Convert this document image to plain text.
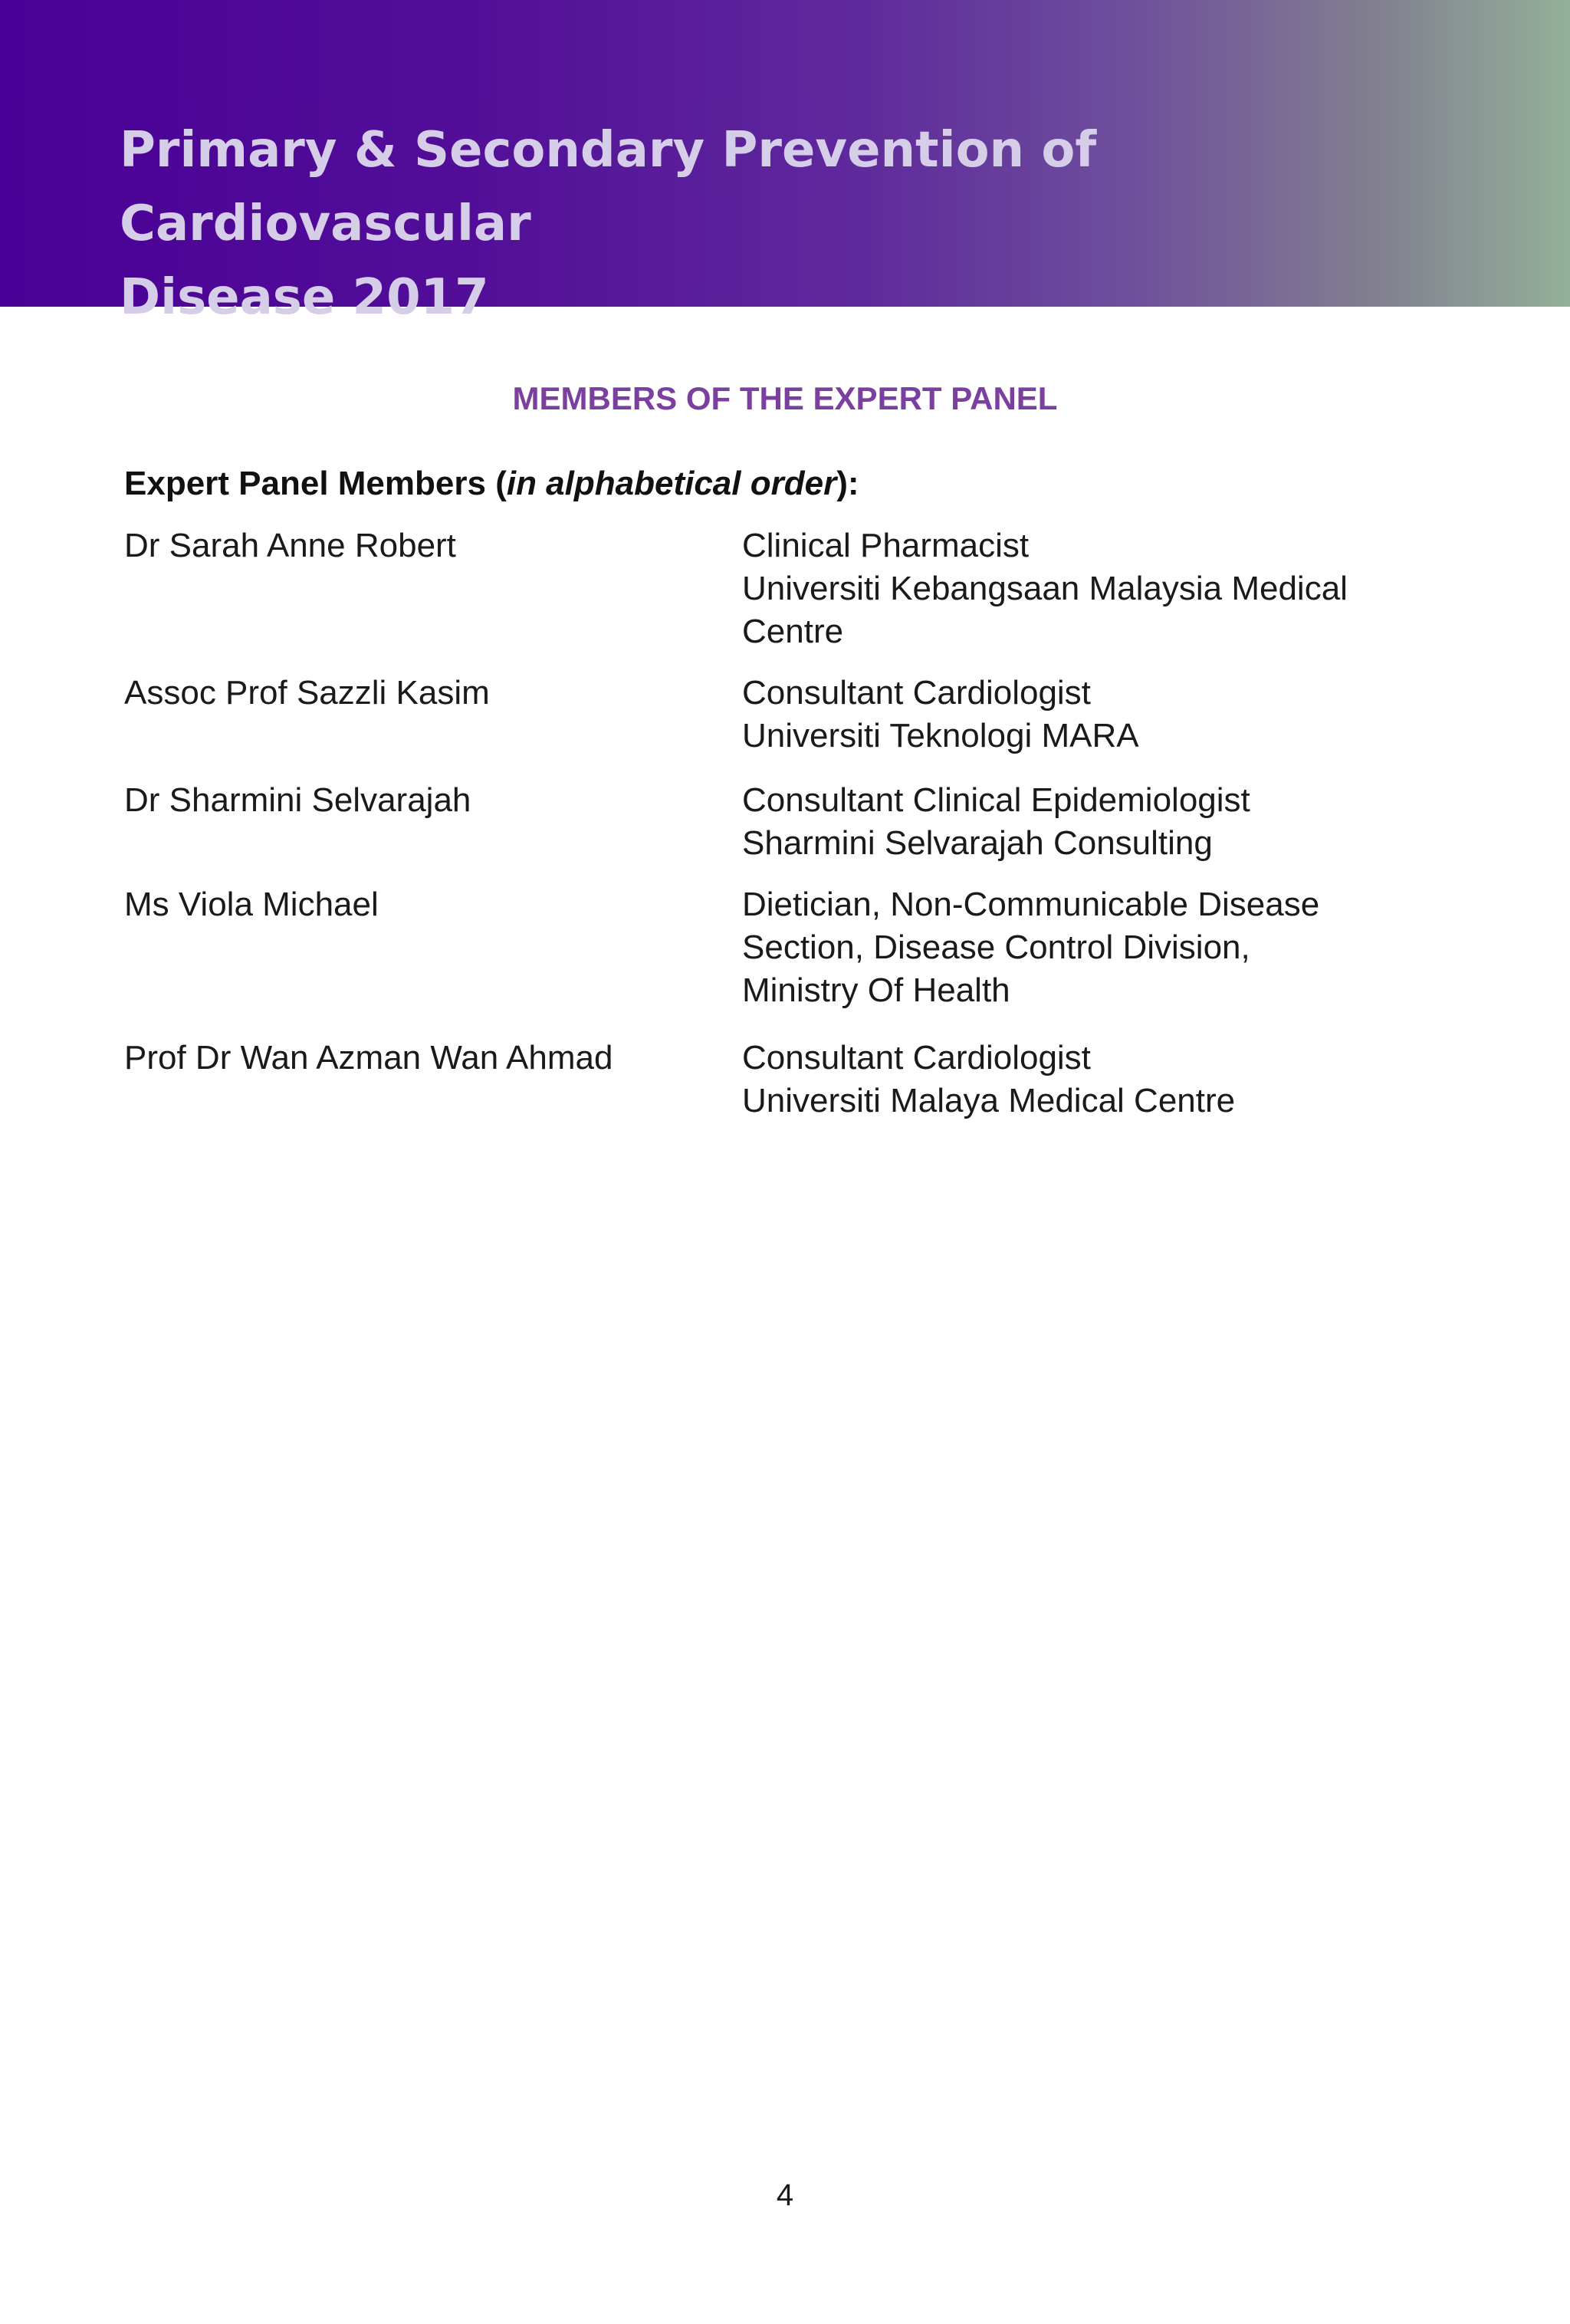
Primary & Secondary Prevention of Cardiovascular
Disease 2017
MEMBERS OF THE EXPERT PANEL

Expert Panel Members (in alphabetical order):

Dr Sarah Anne Robert	Clinical Pharmacist
Universiti Kebangsaan Malaysia Medical
Centre

Assoc Prof Sazzli Kasim	Consultant Cardiologist
Universiti Teknologi MARA

Dr Sharmini Selvarajah	Consultant Clinical Epidemiologist
Sharmini Selvarajah Consulting

Ms Viola Michael	Dietician, Non-Communicable Disease
Section, Disease Control Division,
Ministry Of Health

Prof Dr Wan Azman Wan Ahmad	Consultant Cardiologist
Universiti Malaya Medical Centre

4
